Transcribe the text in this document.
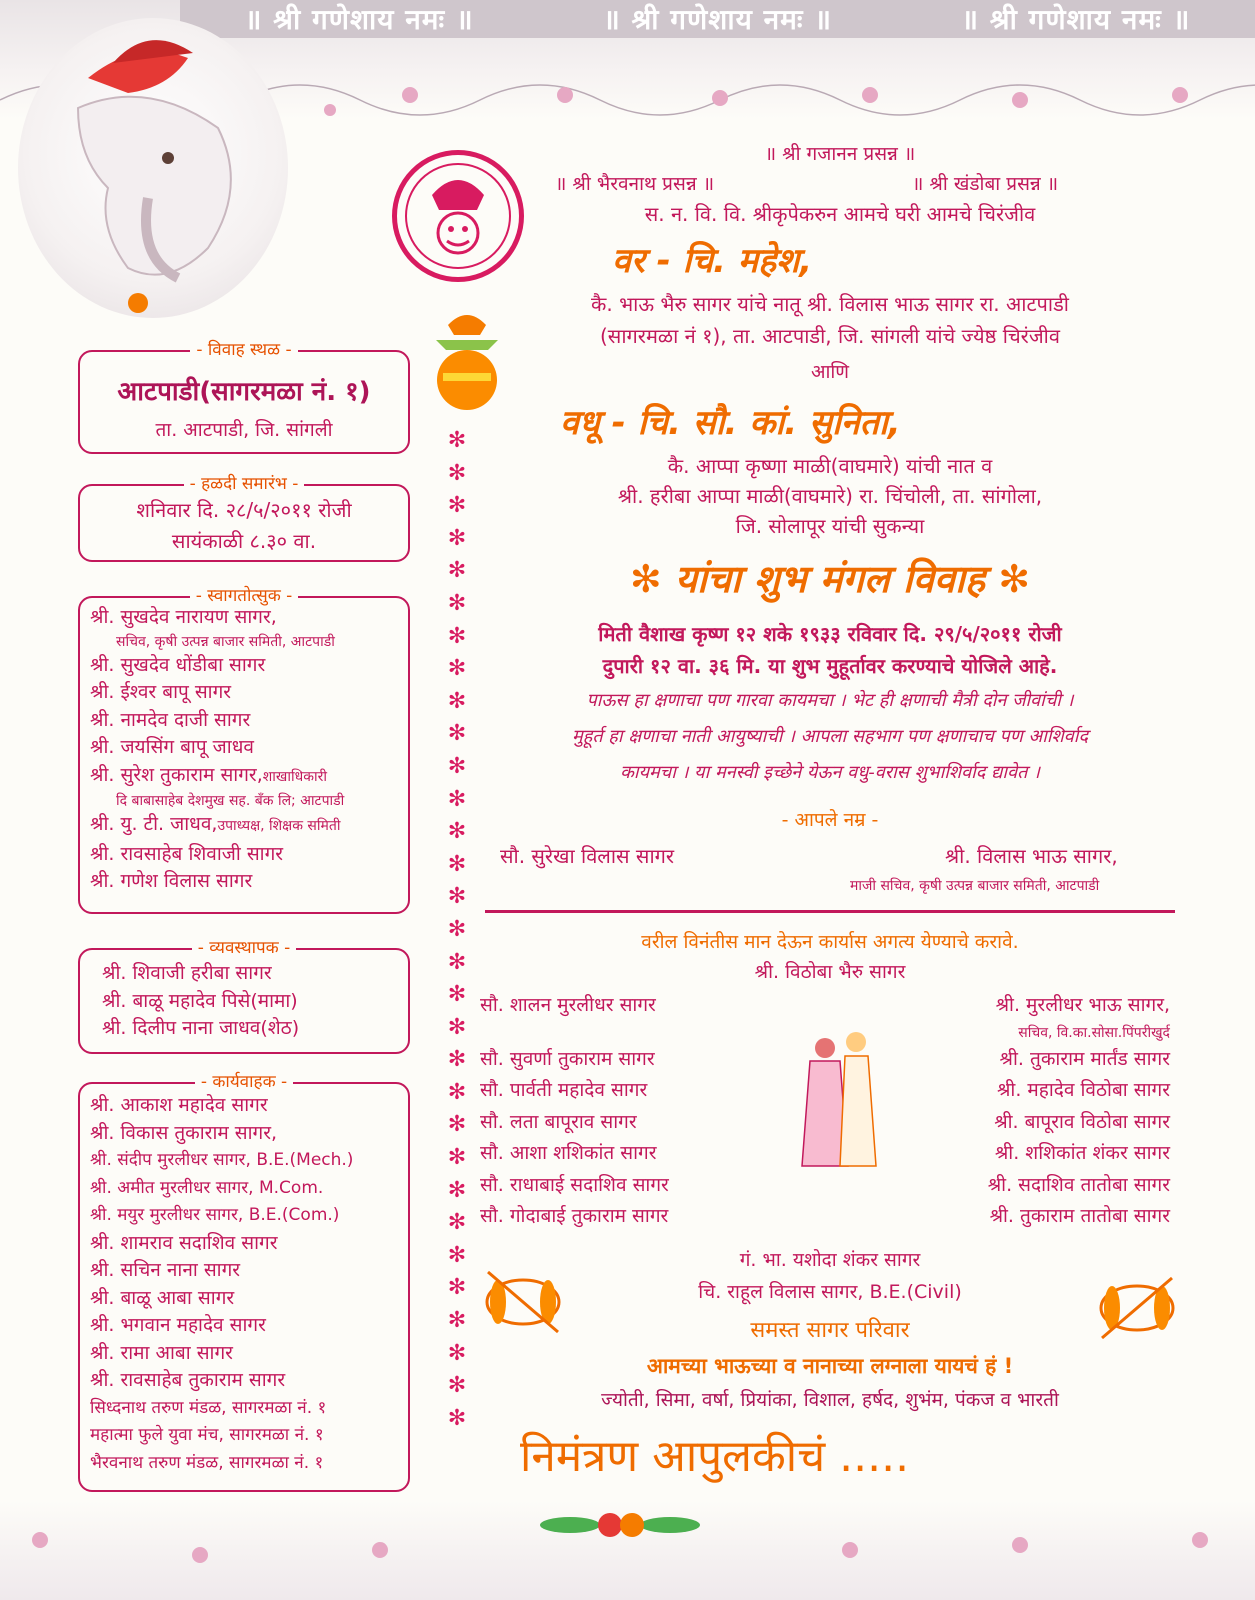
॥ श्री गणेशाय नमः ॥	॥ श्री गणेशाय नमः ॥	॥ श्री गणेशाय नमः ॥
✻
✻
✻
✻
✻
✻
✻
✻
✻
✻
✻
✻
✻
✻
✻
✻
✻
✻
✻
✻
✻
✻
✻
✻
✻
✻
✻
✻
✻
✻
✻
- विवाह स्थळ -
आटपाडी(सागरमळा नं. १)
ता. आटपाडी, जि. सांगली
- हळदी समारंभ -
शनिवार दि. २८/५/२०११ रोजी
सायंकाळी ८.३० वा.
- स्वागतोत्सुक -
श्री. सुखदेव नारायण सागर,
सचिव, कृषी उत्पन्न बाजार समिती, आटपाडी
श्री. सुखदेव धोंडीबा सागर
श्री. ईश्वर बापू सागर
श्री. नामदेव दाजी सागर
श्री. जयसिंग बापू जाधव
श्री. सुरेश तुकाराम सागर,शाखाधिकारी
दि बाबासाहेब देशमुख सह. बँक लि; आटपाडी
श्री. यु. टी. जाधव,उपाध्यक्ष, शिक्षक समिती
श्री. रावसाहेब शिवाजी सागर
श्री. गणेश विलास सागर
- व्यवस्थापक -
श्री. शिवाजी हरीबा सागर
श्री. बाळू महादेव पिसे(मामा)
श्री. दिलीप नाना जाधव(शेठ)
- कार्यवाहक -
श्री. आकाश महादेव सागर
श्री. विकास तुकाराम सागर,
श्री. संदीप मुरलीधर सागर, B.E.(Mech.)
श्री. अमीत मुरलीधर सागर, M.Com.
श्री. मयुर मुरलीधर सागर, B.E.(Com.)
श्री. शामराव सदाशिव सागर
श्री. सचिन नाना सागर
श्री. बाळू आबा सागर
श्री. भगवान महादेव सागर
श्री. रामा आबा सागर
श्री. रावसाहेब तुकाराम सागर
सिध्दनाथ तरुण मंडळ, सागरमळा नं. १
महात्मा फुले युवा मंच, सागरमळा नं. १
भैरवनाथ तरुण मंडळ, सागरमळा नं. १
॥ श्री गजानन प्रसन्न ॥
॥ श्री भैरवनाथ प्रसन्न ॥	॥ श्री खंडोबा प्रसन्न ॥
स. न. वि. वि. श्रीकृपेकरुन आमचे घरी आमचे चिरंजीव
वर - चि. महेश,
कै. भाऊ भैरु सागर यांचे नातू श्री. विलास भाऊ सागर रा. आटपाडी
(सागरमळा नं १), ता. आटपाडी, जि. सांगली यांचे ज्येष्ठ चिरंजीव
आणि
वधू - चि. सौ. कां. सुनिता,
कै. आप्पा कृष्णा माळी(वाघमारे) यांची नात व
श्री. हरीबा आप्पा माळी(वाघमारे) रा. चिंचोली, ता. सांगोला,
जि. सोलापूर यांची सुकन्या
✻ यांचा शुभ मंगल विवाह ✻
मिती वैशाख कृष्ण १२ शके १९३३ रविवार दि. २९/५/२०११ रोजी
दुपारी १२ वा. ३६ मि. या शुभ मुहूर्तावर करण्याचे योजिले आहे.
पाऊस हा क्षणाचा पण गारवा कायमचा । भेट ही क्षणाची मैत्री दोन जीवांची ।
मुहूर्त हा क्षणाचा नाती आयुष्याची । आपला सहभाग पण क्षणाचाच पण आशिर्वाद
कायमचा । या मनस्वी इच्छेने येऊन वधु-वरास शुभाशिर्वाद द्यावेत ।
- आपले नम्र -
सौ. सुरेखा विलास सागर	श्री. विलास भाऊ सागर,
माजी सचिव, कृषी उत्पन्न बाजार समिती, आटपाडी
वरील विनंतीस मान देऊन कार्यास अगत्य येण्याचे करावे.
श्री. विठोबा भैरु सागर
सौ. शालन मुरलीधर सागर
सौ. सुवर्णा तुकाराम सागर
सौ. पार्वती महादेव सागर
सौ. लता बापूराव सागर
सौ. आशा शशिकांत सागर
सौ. राधाबाई सदाशिव सागर
सौ. गोदाबाई तुकाराम सागर
श्री. मुरलीधर भाऊ सागर,
सचिव, वि.का.सोसा.पिंपरीखुर्द
श्री. तुकाराम मार्तंड सागर
श्री. महादेव विठोबा सागर
श्री. बापूराव विठोबा सागर
श्री. शशिकांत शंकर सागर
श्री. सदाशिव तातोबा सागर
श्री. तुकाराम तातोबा सागर
गं. भा. यशोदा शंकर सागर
चि. राहूल विलास सागर, B.E.(Civil)
समस्त सागर परिवार
आमच्या भाऊच्या व नानाच्या लग्नाला यायचं हं !
ज्योती, सिमा, वर्षा, प्रियांका, विशाल, हर्षद, शुभंम, पंकज व भारती
निमंत्रण आपुलकीचं .....
